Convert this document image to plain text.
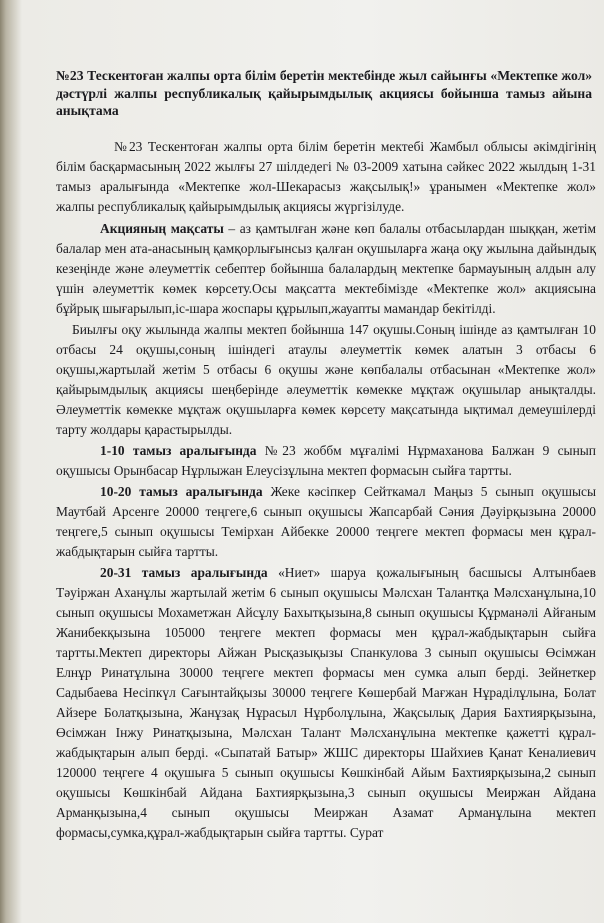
№23 Тескентоған жалпы орта білім беретін мектебінде жыл сайынғы «Мектепке жол» дәстүрлі жалпы республикалық қайырымдылық акциясы бойынша тамыз айына анықтама

№23 Тескентоған жалпы орта білім беретін мектебі Жамбыл облысы әкімдігінің білім басқармасының 2022 жылғы 27 шілдедегі № 03-2009 хатына сәйкес 2022 жылдың 1-31 тамыз аралығында «Мектепке жол-Шекарасыз жақсылық!» ұранымен «Мектепке жол» жалпы республикалық қайырымдылық акциясы жүргізілуде.

Акцияның мақсаты – аз қамтылған және көп балалы отбасылардан шыққан, жетім балалар мен ата-анасының қамқорлығынсыз қалған оқушыларға жаңа оқу жылына дайындық кезеңінде және әлеуметтік себептер бойынша балалардың мектепке бармауының алдын алу үшін әлеуметтік көмек көрсету.Осы мақсатта мектебімізде «Мектепке жол» акциясына бұйрық шығарылып,іс-шара жоспары құрылып,жауапты мамандар бекітілді.

Биылғы оқу жылында жалпы мектеп бойынша 147 оқушы.Соның ішінде аз қамтылған 10 отбасы 24 оқушы,соның ішіндегі атаулы әлеуметтік көмек алатын 3 отбасы 6 оқушы,жартылай жетім 5 отбасы 6 оқушы және көпбалалы отбасынан «Мектепке жол» қайырымдылық акциясы шеңберінде әлеуметтік көмекке мұқтаж оқушылар анықталды. Әлеуметтік көмекке мұқтаж оқушыларға көмек көрсету мақсатында ықтимал демеушілерді тарту жолдары қарастырылды.

1-10 тамыз аралығында №23 жоббм мұғалімі Нұрмаханова Балжан 9 сынып оқушысы Орынбасар Нұрлыжан Елеусізұлына мектеп формасын сыйға тартты.

10-20 тамыз аралығында Жеке кәсіпкер Сейткамал Маңыз 5 сынып оқушысы Маутбай Арсенге 20000 теңгеге,6 сынып оқушысы Жапсарбай Сәния Дәуірқызына 20000 теңгеге,5 сынып оқушысы Темірхан Айбекке 20000 теңгеге мектеп формасы мен құрал-жабдықтарын сыйға тартты.

20-31 тамыз аралығында «Ниет» шаруа қожалығының басшысы Алтынбаев Тәуіржан Аханұлы жартылай жетім 6 сынып оқушысы Мәлсхан Талантқа Мәлсханұлына,10 сынып оқушысы Мохаметжан Айсұлу Бахытқызына,8 сынып оқушысы Құрманәлі Айғаным Жанибекқызына 105000 теңгеге мектеп формасы мен құрал-жабдықтарын сыйға тартты.Мектеп директоры Айжан Рысқазықызы Спанкулова 3 сынып оқушысы Өсімжан Елнұр Ринатұлына 30000 теңгеге мектеп формасы мен сумка алып берді. Зейнеткер Садыбаева Несіпкүл Сағынтайқызы 30000 теңгеге Көшербай Мағжан Нұраділұлына, Болат Айзере Болатқызына, Жанұзақ Нұрасыл Нұрболұлына, Жақсылық Дария Бахтиярқызына, Өсімжан Інжу Ринатқызына, Мәлсхан Талант Мәлсханұлына мектепке қажетті құрал-жабдықтарын алып берді. «Сыпатай Батыр» ЖШС директоры Шайхиев Қанат Кеналиевич 120000 теңгеге 4 оқушыға 5 сынып оқушысы Көшкінбай Айым Бахтиярқызына,2 сынып оқушысы Көшкінбай Айдана Бахтиярқызына,3 сынып оқушысы Меиржан Айдана Арманқызына,4 сынып оқушысы Меиржан Азамат Арманұлына мектеп формасы,сумка,құрал-жабдықтарын сыйға тартты. Сурат
